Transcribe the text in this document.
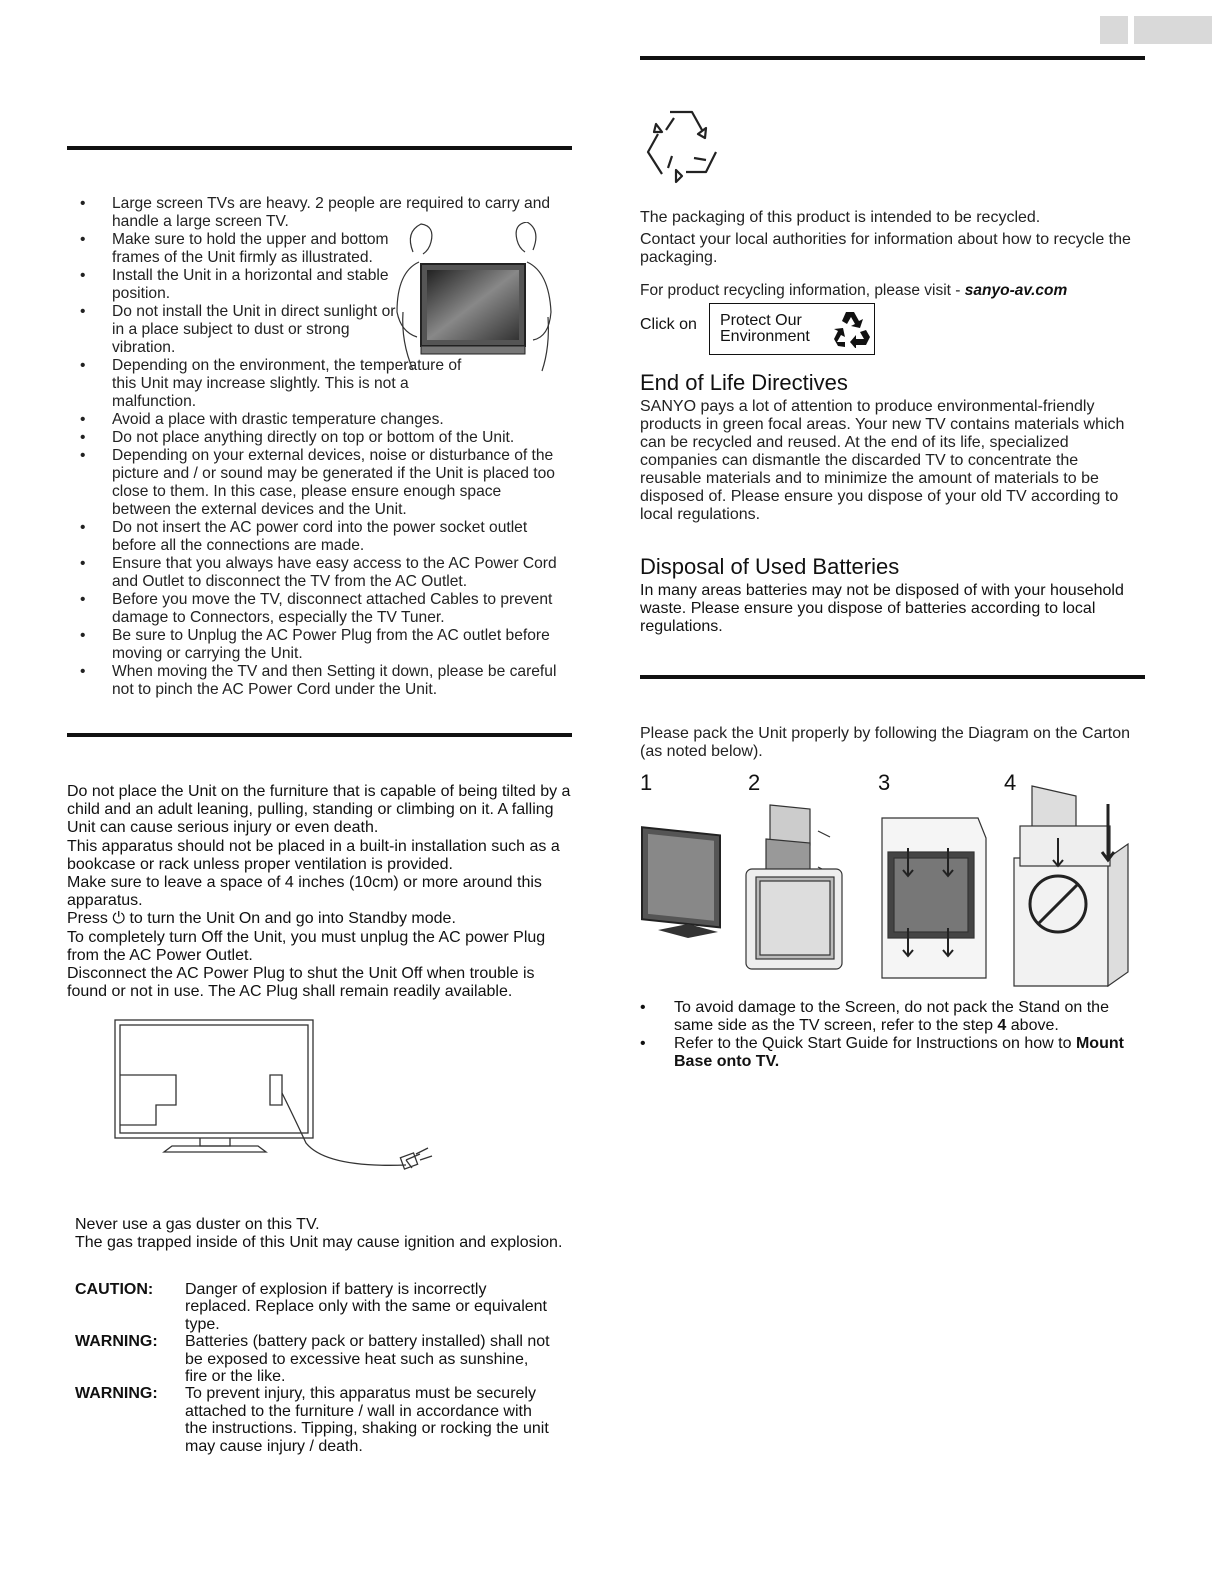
• Large screen TVs are heavy. 2 people are required to carry and handle a large screen TV.
• Make sure to hold the upper and bottom frames of the Unit firmly as illustrated.
• Install the Unit in a horizontal and stable position.
• Do not install the Unit in direct sunlight or in a place subject to dust or strong vibration.
• Depending on the environment, the temperature of this Unit may increase slightly. This is not a malfunction.
• Avoid a place with drastic temperature changes.
• Do not place anything directly on top or bottom of the Unit.
• Depending on your external devices, noise or disturbance of the picture and / or sound may be generated if the Unit is placed too close to them. In this case, please ensure enough space between the external devices and the Unit.
• Do not insert the AC power cord into the power socket outlet before all the connections are made.
• Ensure that you always have easy access to the AC Power Cord and Outlet to disconnect the TV from the AC Outlet.
• Before you move the TV, disconnect attached Cables to prevent damage to Connectors, especially the TV Tuner.
• Be sure to Unplug the AC Power Plug from the AC outlet before moving or carrying the Unit.
• When moving the TV and then Setting it down, please be careful not to pinch the AC Power Cord under the Unit.

Do not place the Unit on the furniture that is capable of being tilted by a child and an adult leaning, pulling, standing or climbing on it. A falling Unit can cause serious injury or even death.

This apparatus should not be placed in a built-in installation such as a bookcase or rack unless proper ventilation is provided.

Make sure to leave a space of 4 inches (10cm) or more around this apparatus.

Press ⏻ to turn the Unit On and go into Standby mode.

To completely turn Off the Unit, you must unplug the AC power Plug from the AC Power Outlet.

Disconnect the AC Power Plug to shut the Unit Off when trouble is found or not in use. The AC Plug shall remain readily available.

Never use a gas duster on this TV.

The gas trapped inside of this Unit may cause ignition and explosion.

CAUTION:	Danger of explosion if battery is incorrectly replaced. Replace only with the same or equivalent type.
WARNING:	Batteries (battery pack or battery installed) shall not be exposed to excessive heat such as sunshine, fire or the like.
WARNING:	To prevent injury, this apparatus must be securely attached to the furniture / wall in accordance with the instructions. Tipping, shaking or rocking the unit may cause injury / death.

The packaging of this product is intended to be recycled.

Contact your local authorities for information about how to recycle the packaging.

For product recycling information, please visit - sanyo-av.com
Click on Protect Our
Environment
End of Life Directives
SANYO pays a lot of attention to produce environmental-friendly products in green focal areas. Your new TV contains materials which can be recycled and reused. At the end of its life, specialized companies can dismantle the discarded TV to concentrate the reusable materials and to minimize the amount of materials to be disposed of. Please ensure you dispose of your old TV according to local regulations.
Disposal of Used Batteries
In many areas batteries may not be disposed of with your household waste. Please ensure you dispose of batteries according to local regulations.
Please pack the Unit properly by following the Diagram on the Carton (as noted below).
1	2	3	4
• To avoid damage to the Screen, do not pack the Stand on the same side as the TV screen, refer to the step 4 above.
• Refer to the Quick Start Guide for Instructions on how to Mount Base onto TV.
